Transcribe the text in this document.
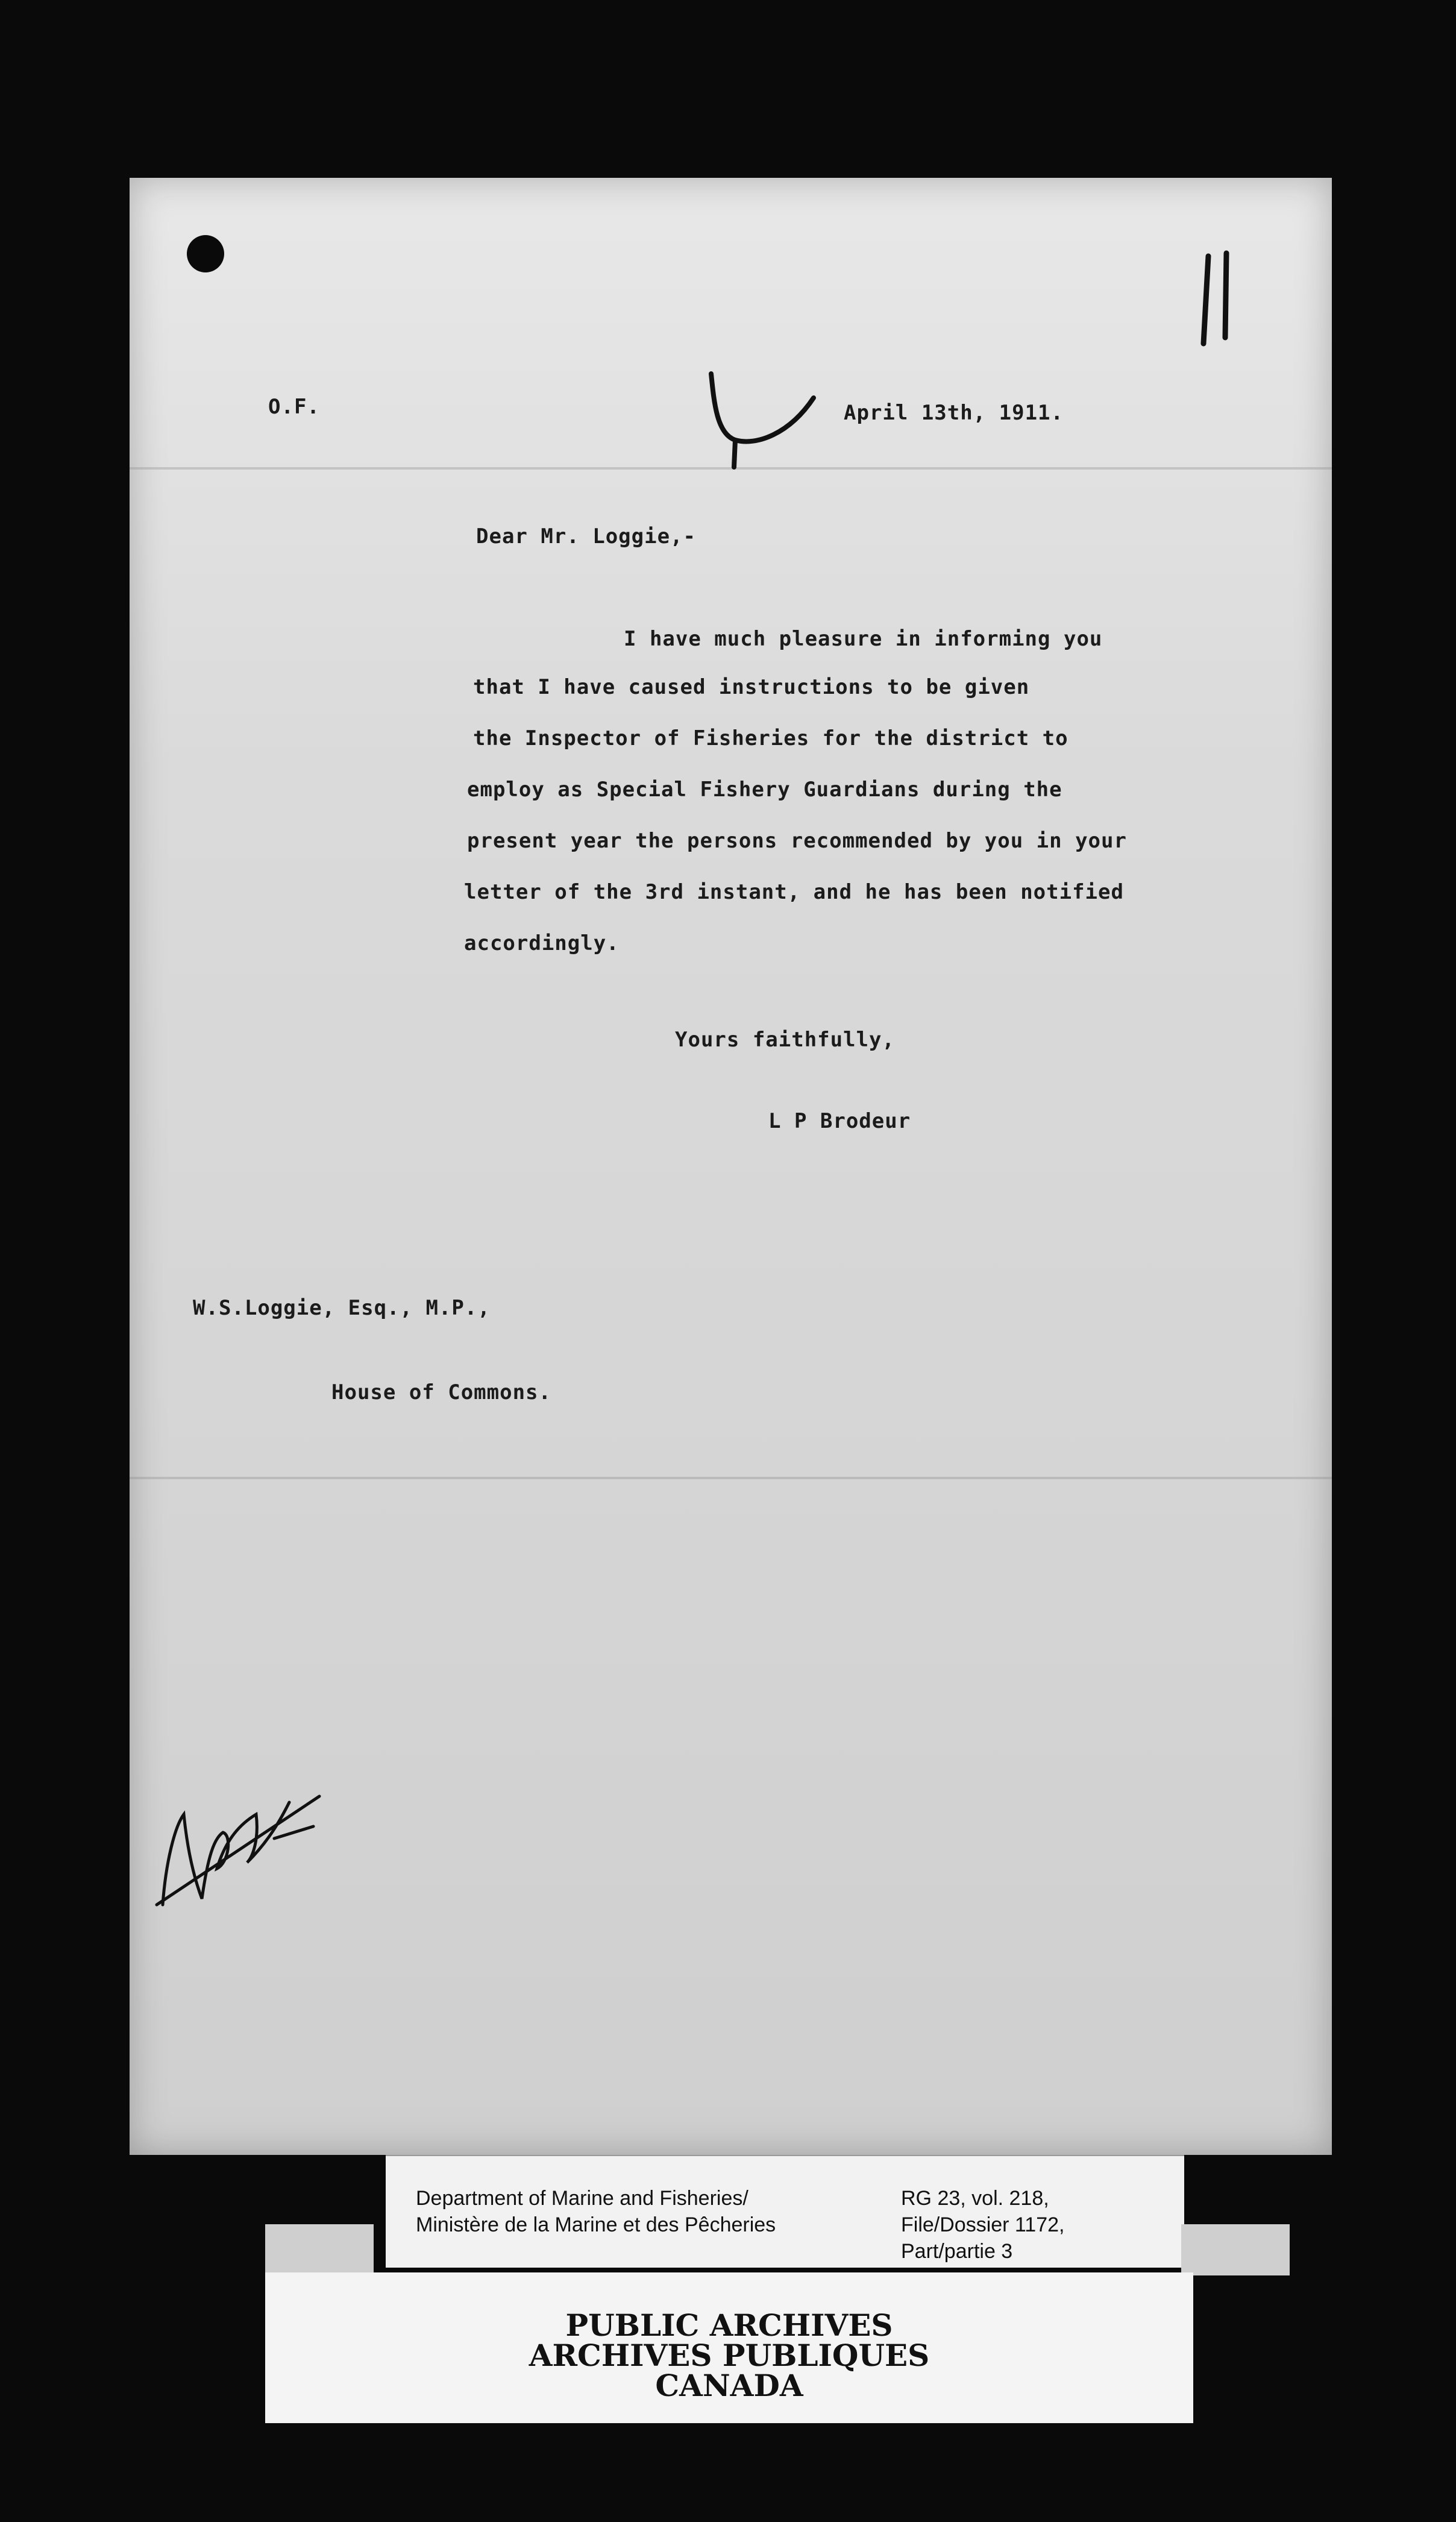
O.F.	April 13th, 1911.
Dear Mr. Loggie,-
I have much pleasure in informing you
that I have caused instructions to be given
the Inspector of Fisheries for the district to
employ as Special Fishery Guardians during the
present year the persons recommended by you in your
letter of the 3rd instant, and he has been notified
accordingly.
Yours faithfully,
L P Brodeur
W.S.Loggie, Esq., M.P.,
House of Commons.
Department of Marine and Fisheries/
Ministère de la Marine et des Pêcheries
RG 23, vol. 218,
File/Dossier 1172,
Part/partie 3
PUBLIC ARCHIVES
ARCHIVES PUBLIQUES
CANADA
